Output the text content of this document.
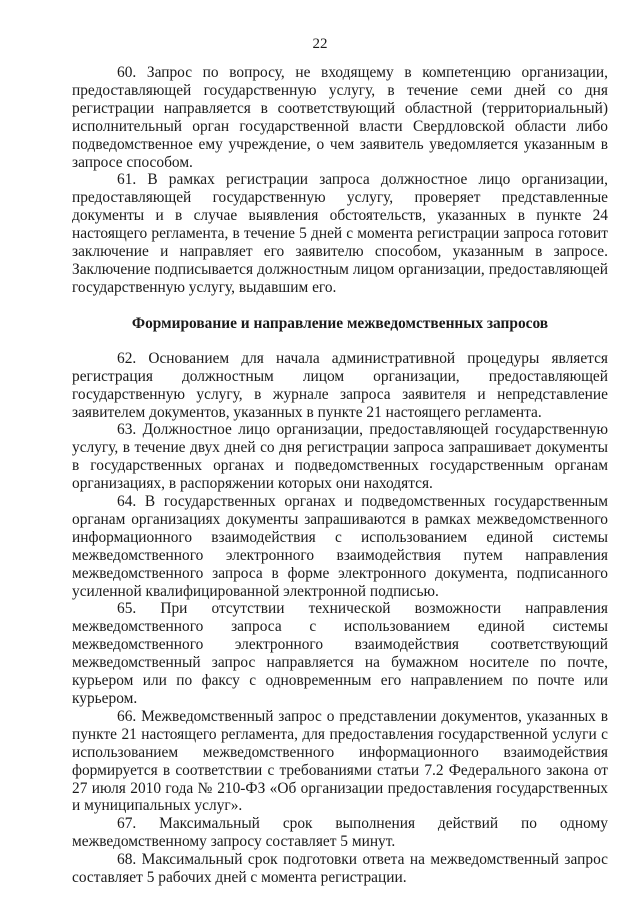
22

60. Запрос по вопросу, не входящему в компетенцию организации, предоставляющей государственную услугу, в течение семи дней со дня регистрации направляется в соответствующий областной (территориальный) исполнительный орган государственной власти Свердловской области либо подведомственное ему учреждение, о чем заявитель уведомляется указанным в запросе способом.

61. В рамках регистрации запроса должностное лицо организации, предоставляющей государственную услугу, проверяет представленные документы и в случае выявления обстоятельств, указанных в пункте 24 настоящего регламента, в течение 5 дней с момента регистрации запроса готовит заключение и направляет его заявителю способом, указанным в запросе. Заключение подписывается должностным лицом организации, предоставляющей государственную услугу, выдавшим его.

Формирование и направление межведомственных запросов

62. Основанием для начала административной процедуры является регистрация должностным лицом организации, предоставляющей государственную услугу, в журнале запроса заявителя и непредставление заявителем документов, указанных в пункте 21 настоящего регламента.

63. Должностное лицо организации, предоставляющей государственную услугу, в течение двух дней со дня регистрации запроса запрашивает документы в государственных органах и подведомственных государственным органам организациях, в распоряжении которых они находятся.

64. В государственных органах и подведомственных государственным органам организациях документы запрашиваются в рамках межведомственного информационного взаимодействия с использованием единой системы межведомственного электронного взаимодействия путем направления межведомственного запроса в форме электронного документа, подписанного усиленной квалифицированной электронной подписью.

65. При отсутствии технической возможности направления межведомственного запроса с использованием единой системы межведомственного электронного взаимодействия соответствующий межведомственный запрос направляется на бумажном носителе по почте, курьером или по факсу с одновременным его направлением по почте или курьером.

66. Межведомственный запрос о представлении документов, указанных в пункте 21 настоящего регламента, для предоставления государственной услуги с использованием межведомственного информационного взаимодействия формируется в соответствии с требованиями статьи 7.2 Федерального закона от 27 июля 2010 года № 210-ФЗ «Об организации предоставления государственных и муниципальных услуг».

67. Максимальный срок выполнения действий по одному межведомственному запросу составляет 5 минут.

68. Максимальный срок подготовки ответа на межведомственный запрос составляет 5 рабочих дней с момента регистрации.
